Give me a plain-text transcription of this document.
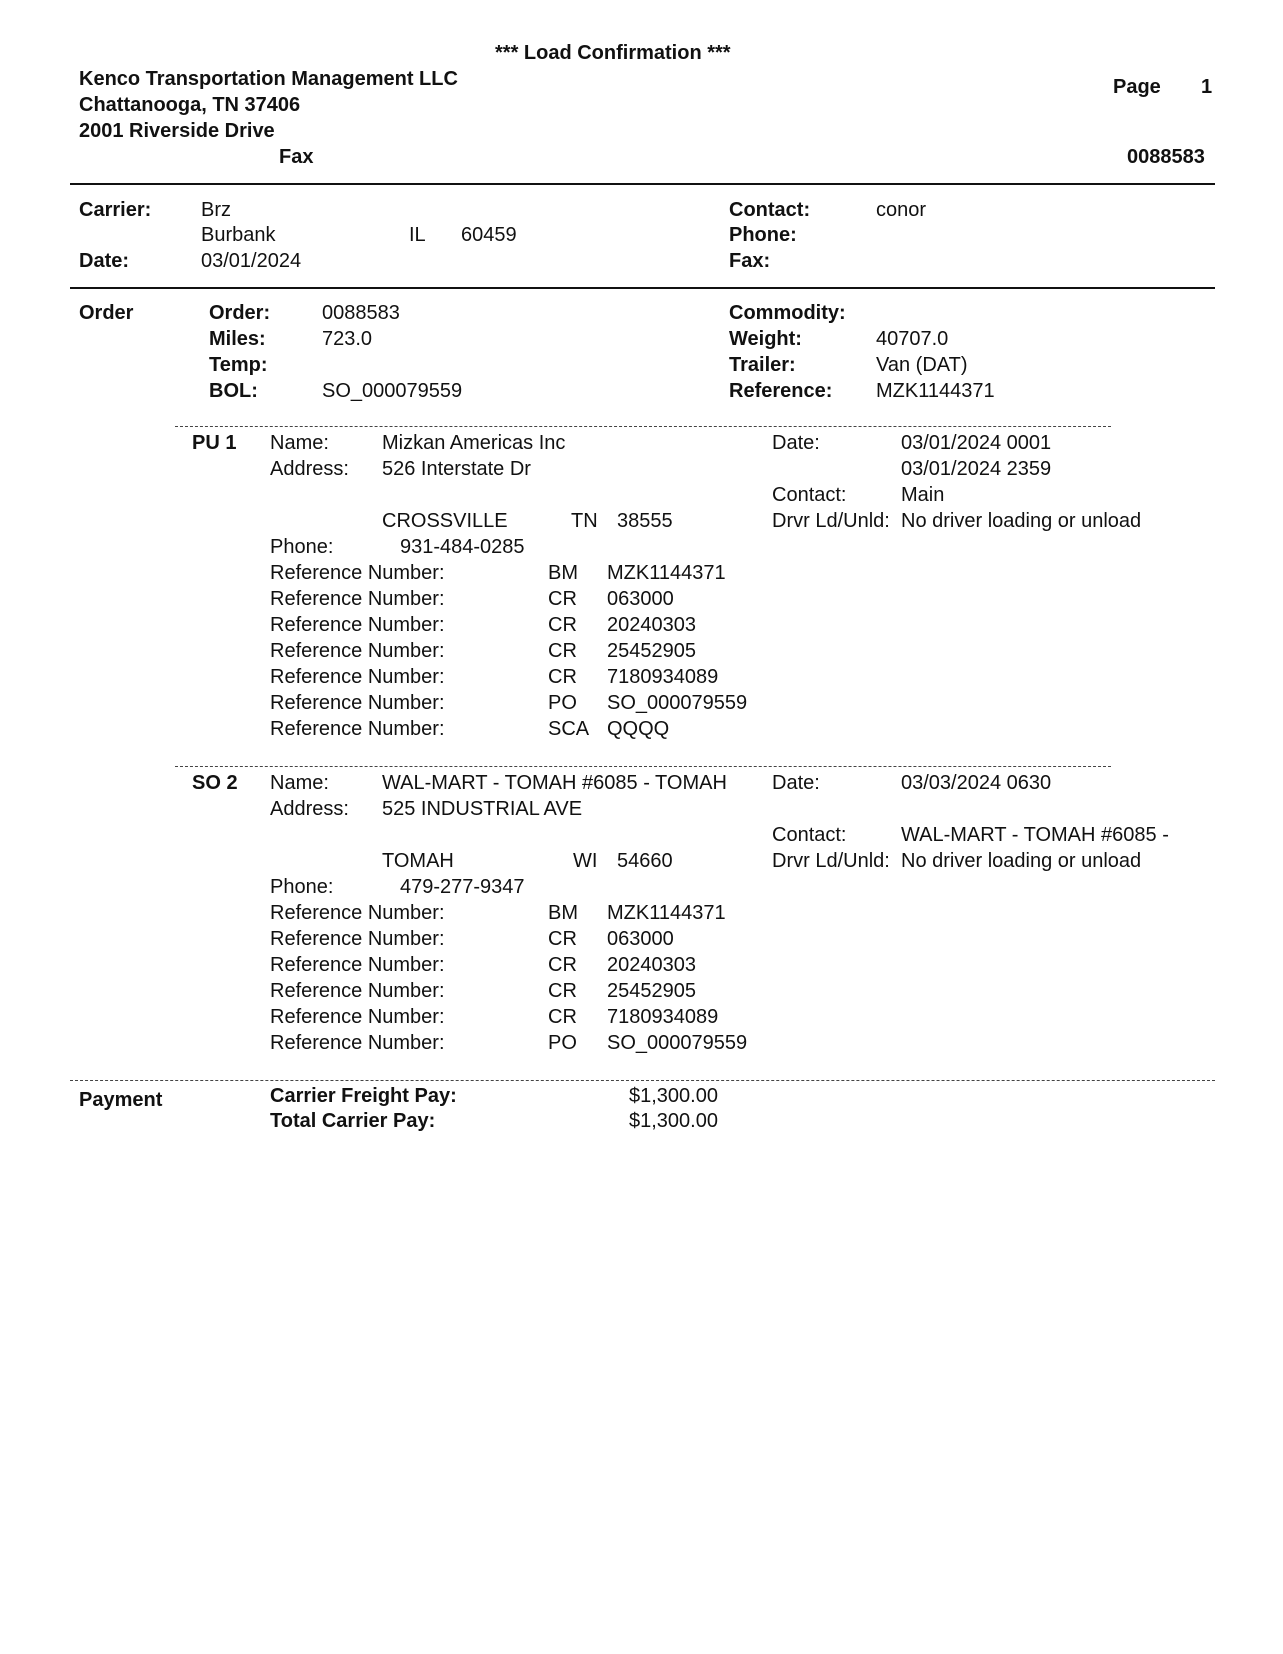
*** Load Confirmation ***
Kenco Transportation Management LLC
Chattanooga, TN 37406
2001 Riverside Drive
Fax
Page 1
0088583
Carrier: Brz
Burbank	IL 60459
Date:	03/01/2024
Contact:	conor
Phone:
Fax:
Order	Order:	0088583
Miles:	723.0
Temp:
BOL:	SO_000079559
Commodity:
Weight:	40707.0
Trailer:	Van (DAT)
Reference: MZK1144371
PU 1 Name:	Mizkan Americas Inc
Address: 526 Interstate Dr
CROSSVILLE	TN 38555
Phone:	931-484-0285
Date:	03/01/2024 0001
03/01/2024 2359
Contact:	Main
Drvr Ld/Unld: No driver loading or unload
Reference Number:	BM MZK1144371
Reference Number:	CR 063000
Reference Number:	CR 20240303
Reference Number:	CR 25452905
Reference Number:	CR 7180934089
Reference Number:	PO SO_000079559
Reference Number:	SCA QQQQ
SO 2 Name:	WAL-MART - TOMAH #6085 - TOMAH
Address: 525 INDUSTRIAL AVE
TOMAH	WI 54660
Phone:	479-277-9347
Date:	03/03/2024 0630
Contact:	WAL-MART - TOMAH #6085 -
Drvr Ld/Unld: No driver loading or unload
Reference Number:	BM MZK1144371
Reference Number:	CR 063000
Reference Number:	CR 20240303
Reference Number:	CR 25452905
Reference Number:	CR 7180934089
Reference Number:	PO SO_000079559
Payment	Carrier Freight Pay:	$1,300.00
Total Carrier Pay:	$1,300.00
